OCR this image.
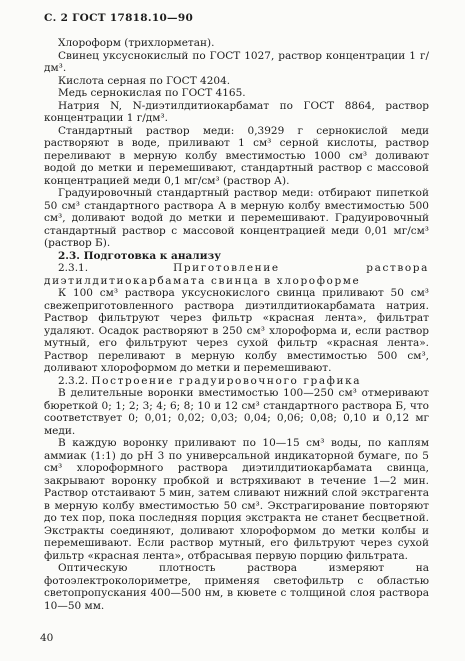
С. 2 ГОСТ 17818.10—90

Хлороформ (трихлорметан).

Свинец уксуснокислый по ГОСТ 1027, раствор концентрации 1 г/дм³.

Кислота серная по ГОСТ 4204.

Медь сернокислая по ГОСТ 4165.

Натрия N, N-диэтилдитиокарбамат по ГОСТ 8864, раствор концентрации 1 г/дм³.

Стандартный раствор меди: 0,3929 г сернокислой меди растворяют в воде, приливают 1 см³ серной кислоты, раствор переливают в мерную колбу вместимостью 1000 см³ доливают водой до метки и перемешивают, стандартный раствор с массовой концентрацией меди 0,1 мг/см³ (раствор А).

Градуировочный стандартный раствор меди: отбирают пипеткой 50 см³ стандартного раствора А в мерную колбу вместимостью 500 см³, доливают водой до метки и перемешивают. Градуировочный стандартный раствор с массовой концентрацией меди 0,01 мг/см³ (раствор Б).

2.3. Подготовка к анализу

2.3.1. Приготовление раствора диэтилдитиокарбамата свинца в хлороформе

К 100 см³ раствора уксуснокислого свинца приливают 50 см³ свежеприготовленного раствора диэтилдитиокарбамата натрия. Раствор фильтруют через фильтр «красная лента», фильтрат удаляют. Осадок растворяют в 250 см³ хлороформа и, если раствор мутный, его фильтруют через сухой фильтр «красная лента». Раствор переливают в мерную колбу вместимостью 500 см³, доливают хлороформом до метки и перемешивают.

2.3.2. Построение градуировочного графика

В делительные воронки вместимостью 100—250 см³ отмеривают бюреткой 0; 1; 2; 3; 4; 6; 8; 10 и 12 см³ стандартного раствора Б, что соответствует 0; 0,01; 0,02; 0,03; 0,04; 0,06; 0,08; 0,10 и 0,12 мг меди.

В каждую воронку приливают по 10—15 см³ воды, по каплям аммиак (1:1) до pH 3 по универсальной индикаторной бумаге, по 5 см³ хлороформного раствора диэтилдитиокарбамата свинца, закрывают воронку пробкой и встряхивают в течение 1—2 мин. Раствор отстаивают 5 мин, затем сливают нижний слой экстрагента в мерную колбу вместимостью 50 см³. Экстрагирование повторяют до тех пор, пока последняя порция экстракта не станет бесцветной. Экстракты соединяют, доливают хлороформом до метки колбы и перемешивают. Если раствор мутный, его фильтруют через сухой фильтр «красная лента», отбрасывая первую порцию фильтрата.

Оптическую плотность раствора измеряют на фотоэлектроколориметре, применяя светофильтр с областью светопропускания 400—500 нм, в кювете с толщиной слоя раствора 10—50 мм.

40
